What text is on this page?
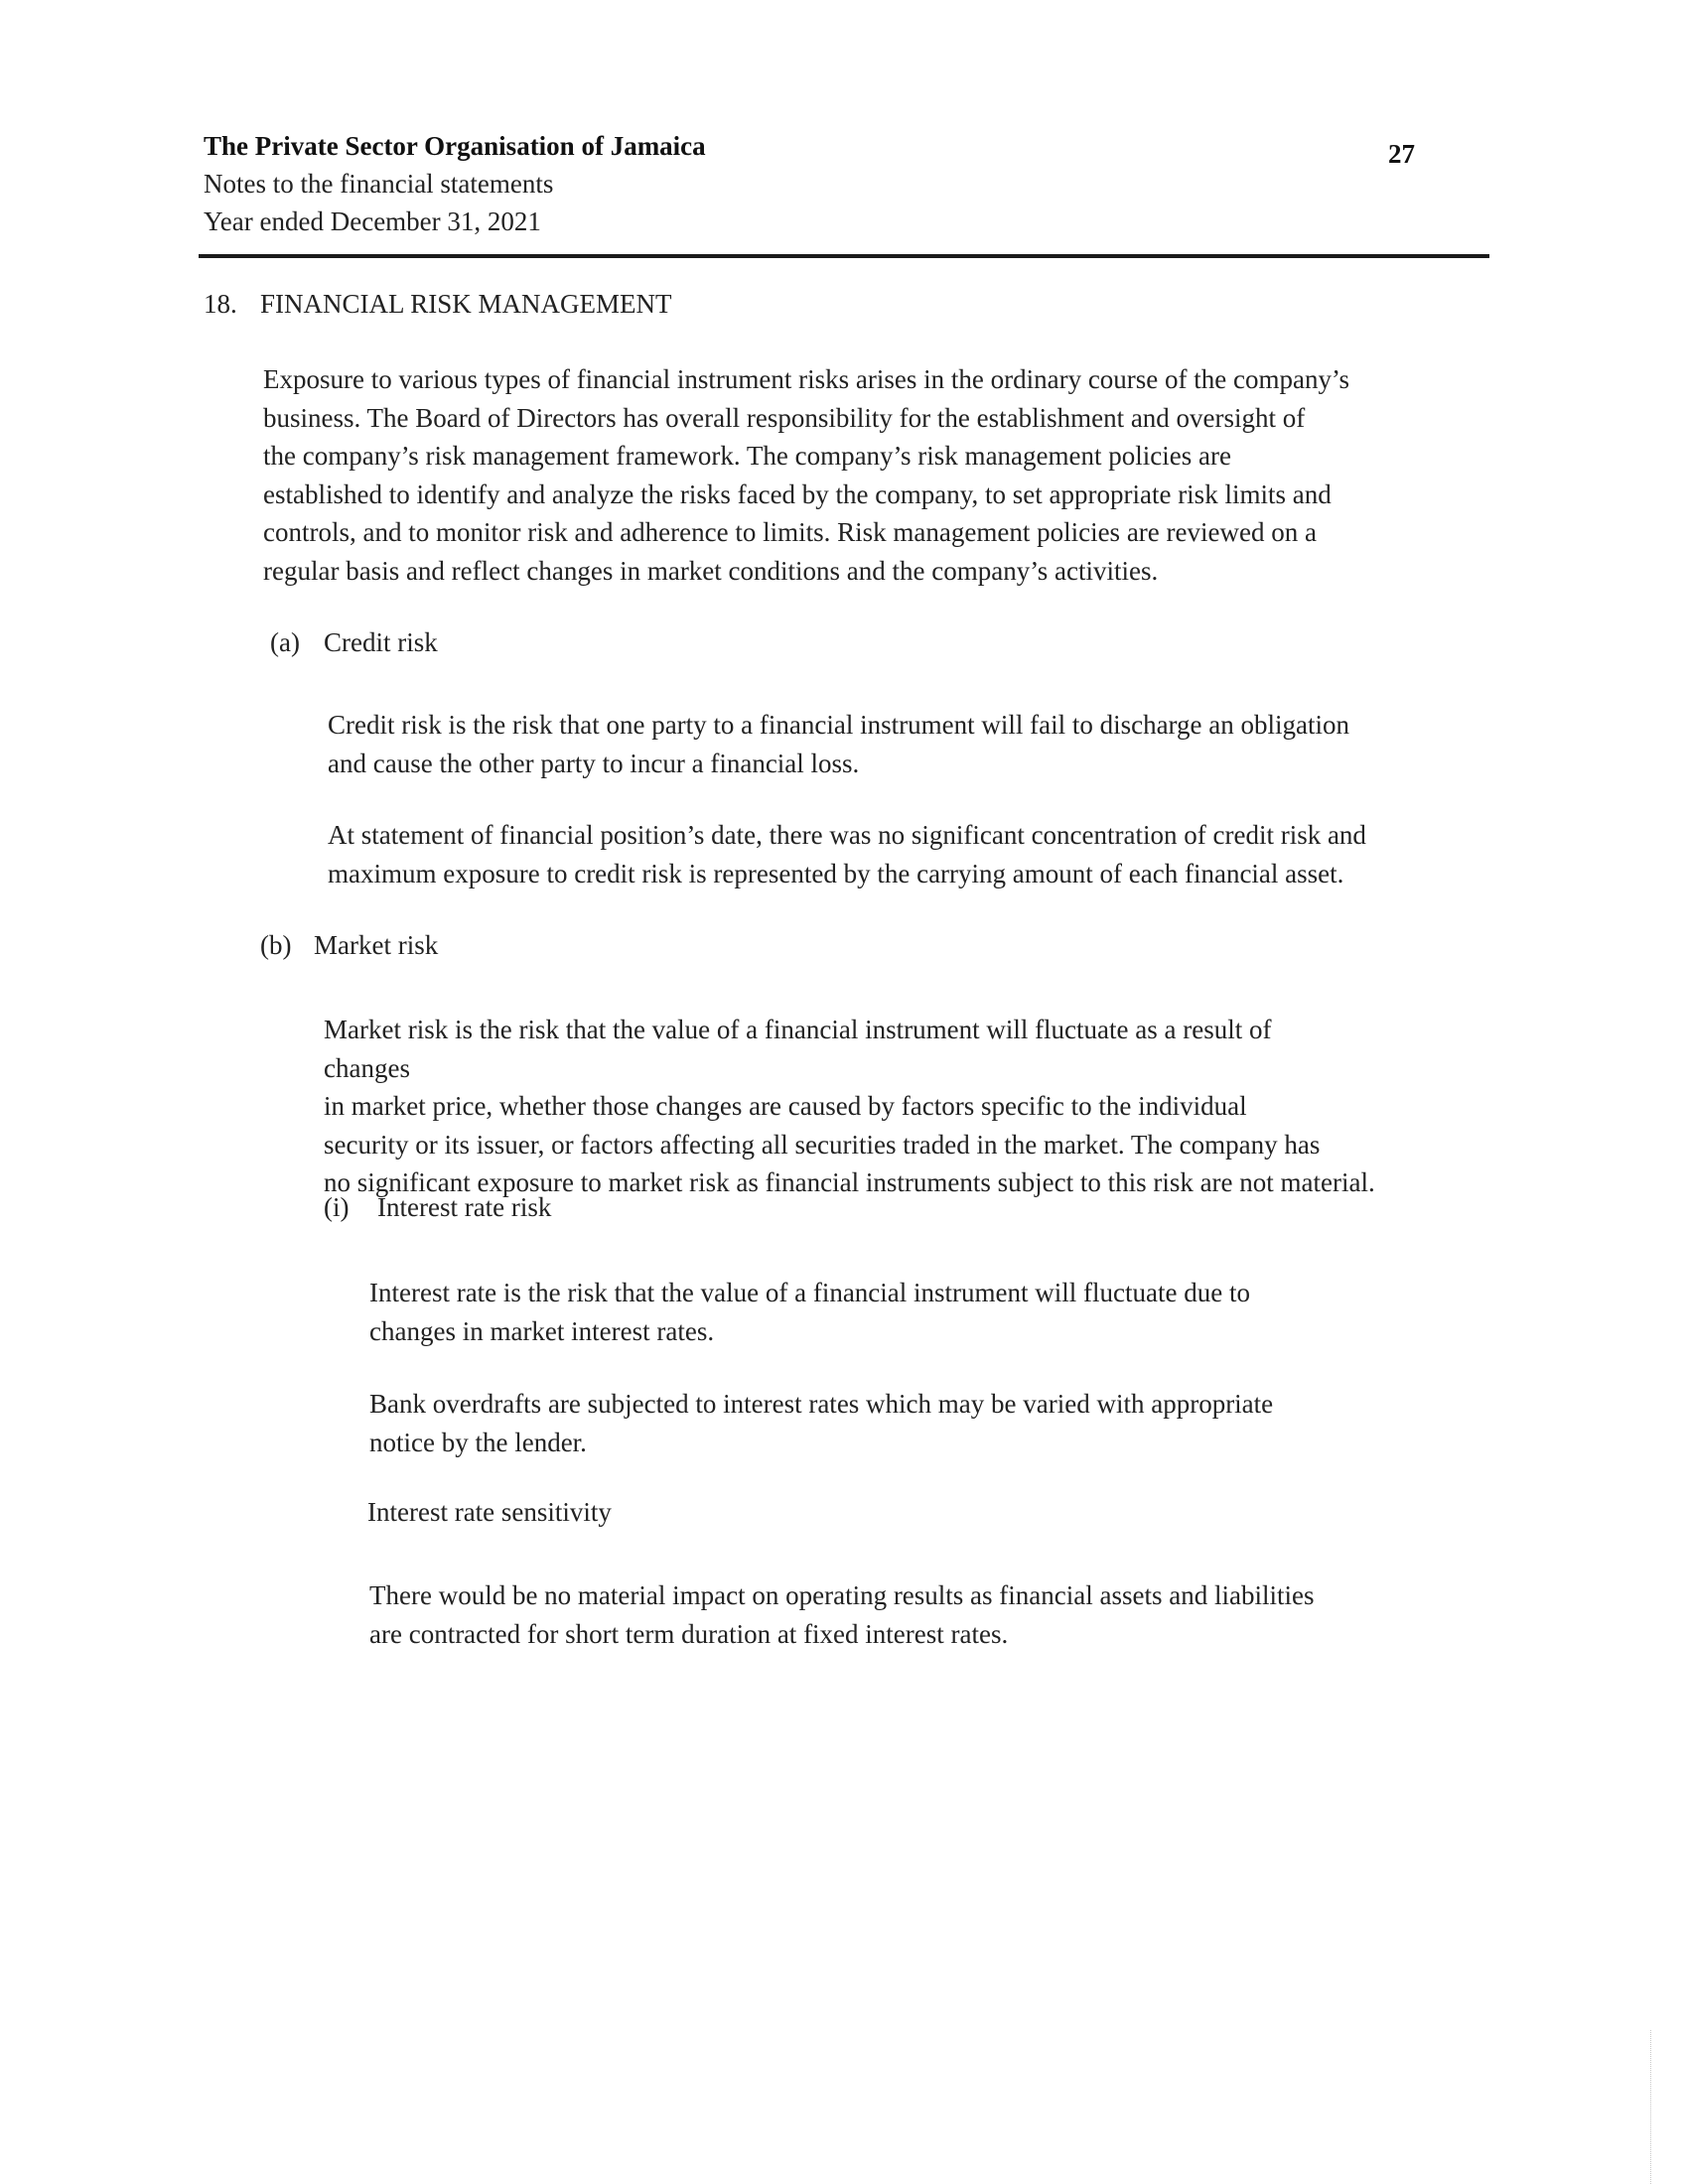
The Private Sector Organisation of Jamaica
Notes to the financial statements
Year ended December 31, 2021
27
18. FINANCIAL RISK MANAGEMENT
Exposure to various types of financial instrument risks arises in the ordinary course of the company’s
business. The Board of Directors has overall responsibility for the establishment and oversight of
the company’s risk management framework. The company’s risk management policies are
established to identify and analyze the risks faced by the company, to set appropriate risk limits and
controls, and to monitor risk and adherence to limits. Risk management policies are reviewed on a
regular basis and reflect changes in market conditions and the company’s activities.
(a) Credit risk
Credit risk is the risk that one party to a financial instrument will fail to discharge an obligation
and cause the other party to incur a financial loss.
At statement of financial position’s date, there was no significant concentration of credit risk and
maximum exposure to credit risk is represented by the carrying amount of each financial asset.
(b) Market risk
Market risk is the risk that the value of a financial instrument will fluctuate as a result of
changes
in market price, whether those changes are caused by factors specific to the individual
security or its issuer, or factors affecting all securities traded in the market. The company has
no significant exposure to market risk as financial instruments subject to this risk are not material.
(i) Interest rate risk
Interest rate is the risk that the value of a financial instrument will fluctuate due to
changes in market interest rates.
Bank overdrafts are subjected to interest rates which may be varied with appropriate
notice by the lender.
Interest rate sensitivity
There would be no material impact on operating results as financial assets and liabilities
are contracted for short term duration at fixed interest rates.
